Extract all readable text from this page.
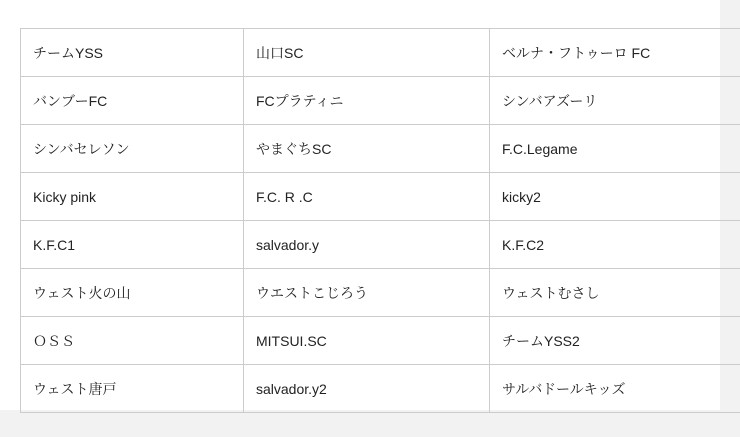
チームYSS	山口SC	ベルナ・フトゥーロ FC
バンブーFC	FCプラティニ	シンバアズーリ
シンバセレソン	やまぐちSC	F.C.Legame
Kicky pink	F.C. R .C	kicky2
K.F.C1	salvador.y	K.F.C2
ウェスト火の山	ウエストこじろう	ウェストむさし
ＯＳＳ	MITSUI.SC	チームYSS2
ウェスト唐戸	salvador.y2	サルバドールキッズ
